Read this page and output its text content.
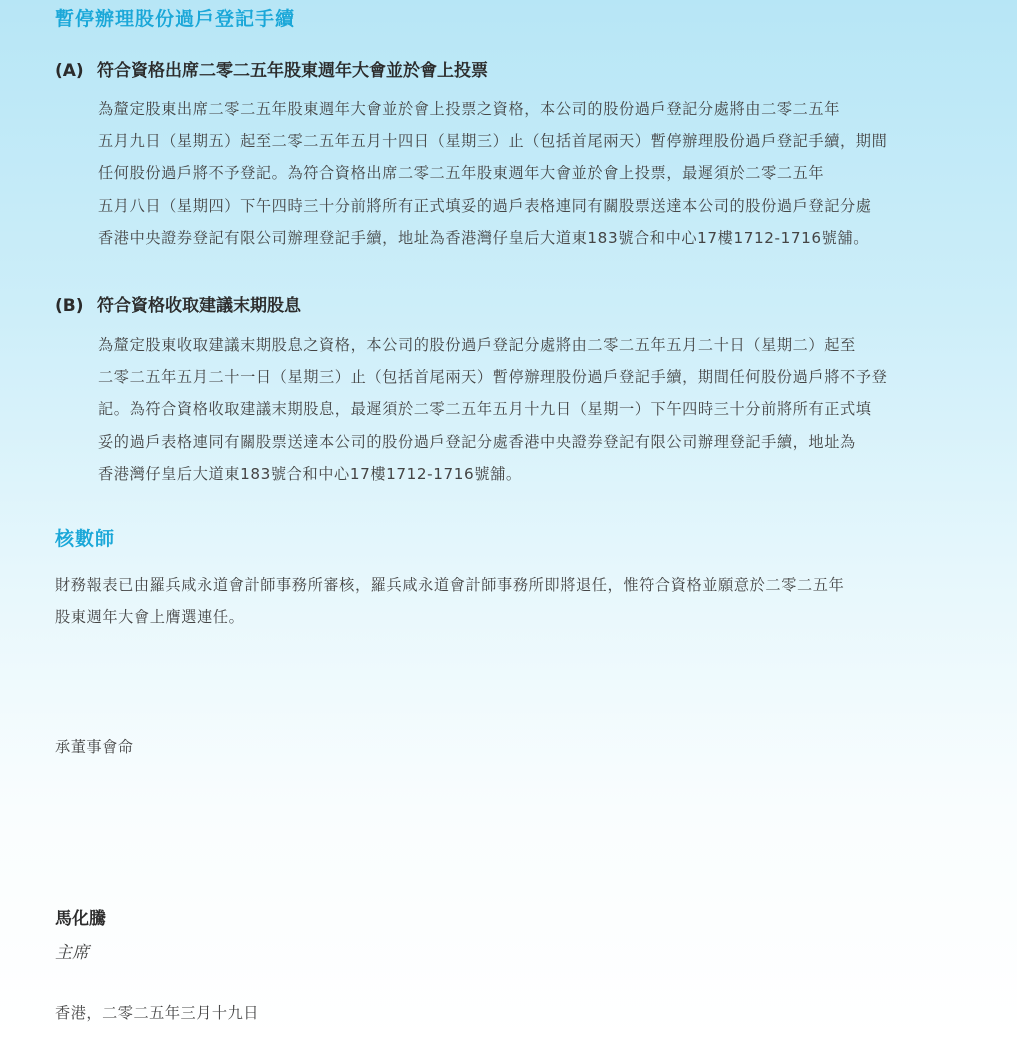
暫停辦理股份過戶登記手續
(A) 符合資格出席二零二五年股東週年大會並於會上投票
為釐定股東出席二零二五年股東週年大會並於會上投票之資格，本公司的股份過戶登記分處將由二零二五年
五月九日（星期五）起至二零二五年五月十四日（星期三）止（包括首尾兩天）暫停辦理股份過戶登記手續，期間
任何股份過戶將不予登記。為符合資格出席二零二五年股東週年大會並於會上投票，最遲須於二零二五年
五月八日（星期四）下午四時三十分前將所有正式填妥的過戶表格連同有關股票送達本公司的股份過戶登記分處
香港中央證券登記有限公司辦理登記手續，地址為香港灣仔皇后大道東183號合和中心17樓1712-1716號舖。
(B) 符合資格收取建議末期股息
為釐定股東收取建議末期股息之資格，本公司的股份過戶登記分處將由二零二五年五月二十日（星期二）起至
二零二五年五月二十一日（星期三）止（包括首尾兩天）暫停辦理股份過戶登記手續，期間任何股份過戶將不予登
記。為符合資格收取建議末期股息，最遲須於二零二五年五月十九日（星期一）下午四時三十分前將所有正式填
妥的過戶表格連同有關股票送達本公司的股份過戶登記分處香港中央證券登記有限公司辦理登記手續，地址為
香港灣仔皇后大道東183號合和中心17樓1712-1716號舖。
核數師
財務報表已由羅兵咸永道會計師事務所審核，羅兵咸永道會計師事務所即將退任，惟符合資格並願意於二零二五年
股東週年大會上膺選連任。
承董事會命
馬化騰
主席
香港，二零二五年三月十九日
